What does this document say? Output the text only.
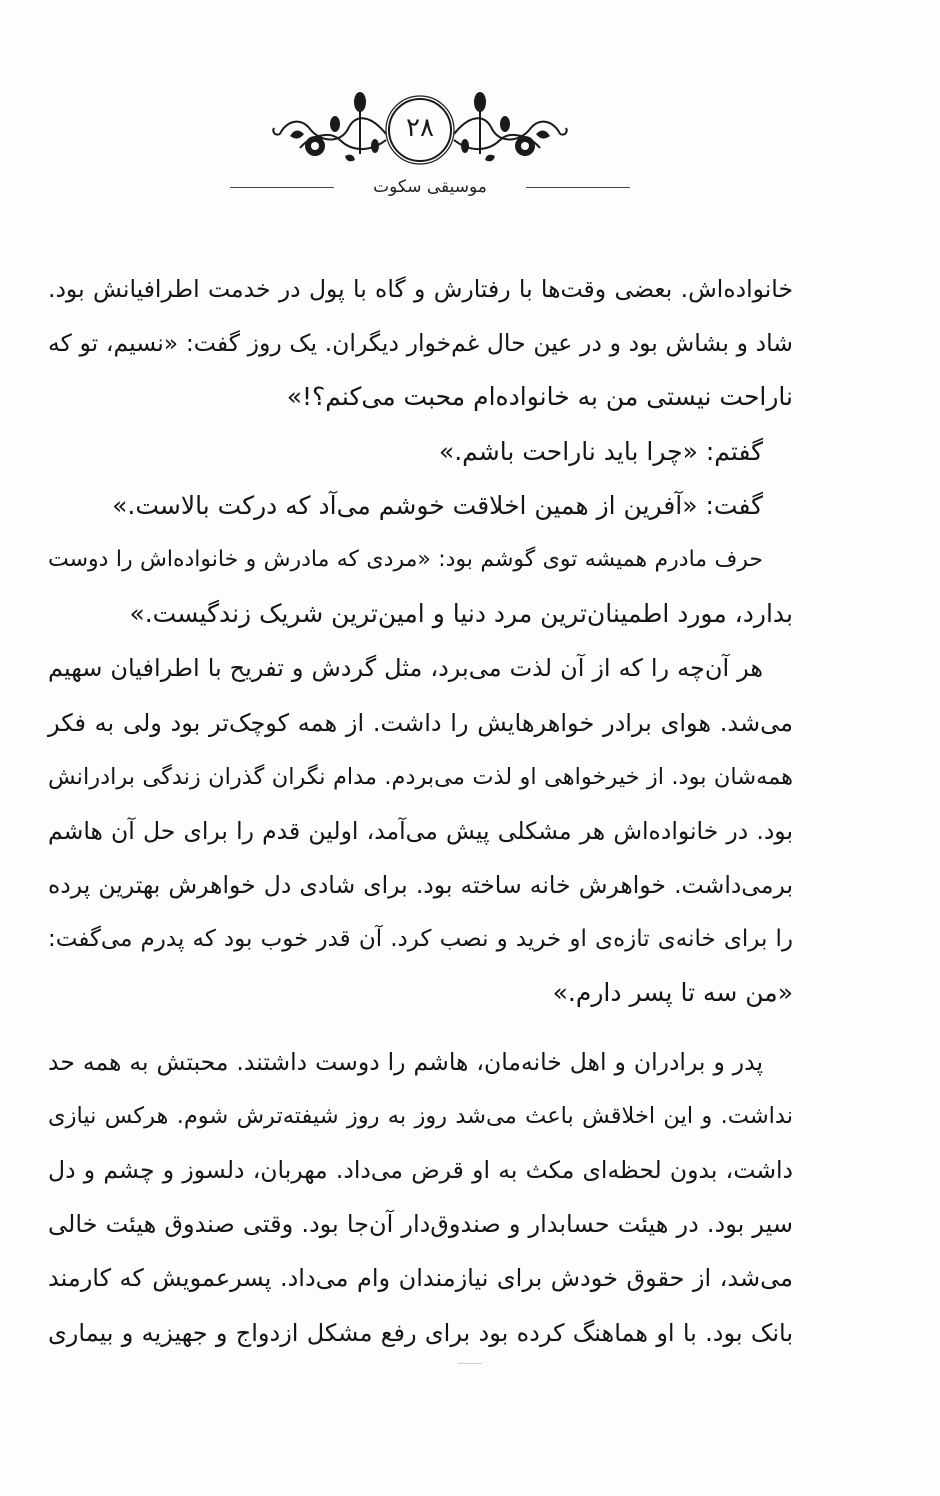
۲۸
موسیقی سکوت
خانواده‌اش. بعضی وقت‌ها با رفتارش و گاه با پول در خدمت اطرافیانش بود.
شاد و بشاش بود و در عین حال غم‌خوار دیگران. یک روز گفت: «نسیم، تو که
ناراحت نیستی من به خانواده‌ام محبت می‌کنم؟!»
گفتم: «چرا باید ناراحت باشم.»
گفت: «آفرین از همین اخلاقت خوشم می‌آد که درکت بالاست.»
حرف مادرم همیشه توی گوشم بود: «مردی که مادرش و خانواده‌اش را دوست
بدارد، مورد اطمینان‌ترین مرد دنیا و امین‌ترین شریک زندگیست.»
هر آن‌چه را که از آن لذت می‌برد، مثل گردش و تفریح با اطرافیان سهیم
می‌شد. هوای برادر خواهرهایش را داشت. از همه کوچک‌تر بود ولی به فکر
همه‌شان بود. از خیرخواهی او لذت می‌بردم. مدام نگران گذران زندگی برادرانش
بود. در خانواده‌اش هر مشکلی پیش می‌آمد، اولین قدم را برای حل آن هاشم
برمی‌داشت. خواهرش خانه ساخته بود. برای شادی دل خواهرش بهترین پرده
را برای خانه‌ی تازه‌ی او خرید و نصب کرد. آن قدر خوب بود که پدرم می‌گفت:
«من سه تا پسر دارم.»
پدر و برادران و اهل خانه‌مان، هاشم را دوست داشتند. محبتش به همه حد
نداشت. و این اخلاقش باعث می‌شد روز به روز شیفته‌ترش شوم. هرکس نیازی
داشت، بدون لحظه‌ای مکث به او قرض می‌داد. مهربان، دلسوز و چشم و دل
سیر بود. در هیئت حسابدار و صندوق‌دار آن‌جا بود. وقتی صندوق هیئت خالی
می‌شد، از حقوق خودش برای نیازمندان وام می‌داد. پسرعمویش که کارمند
بانک بود. با او هماهنگ کرده بود برای رفع مشکل ازدواج و جهیزیه و بیماری
